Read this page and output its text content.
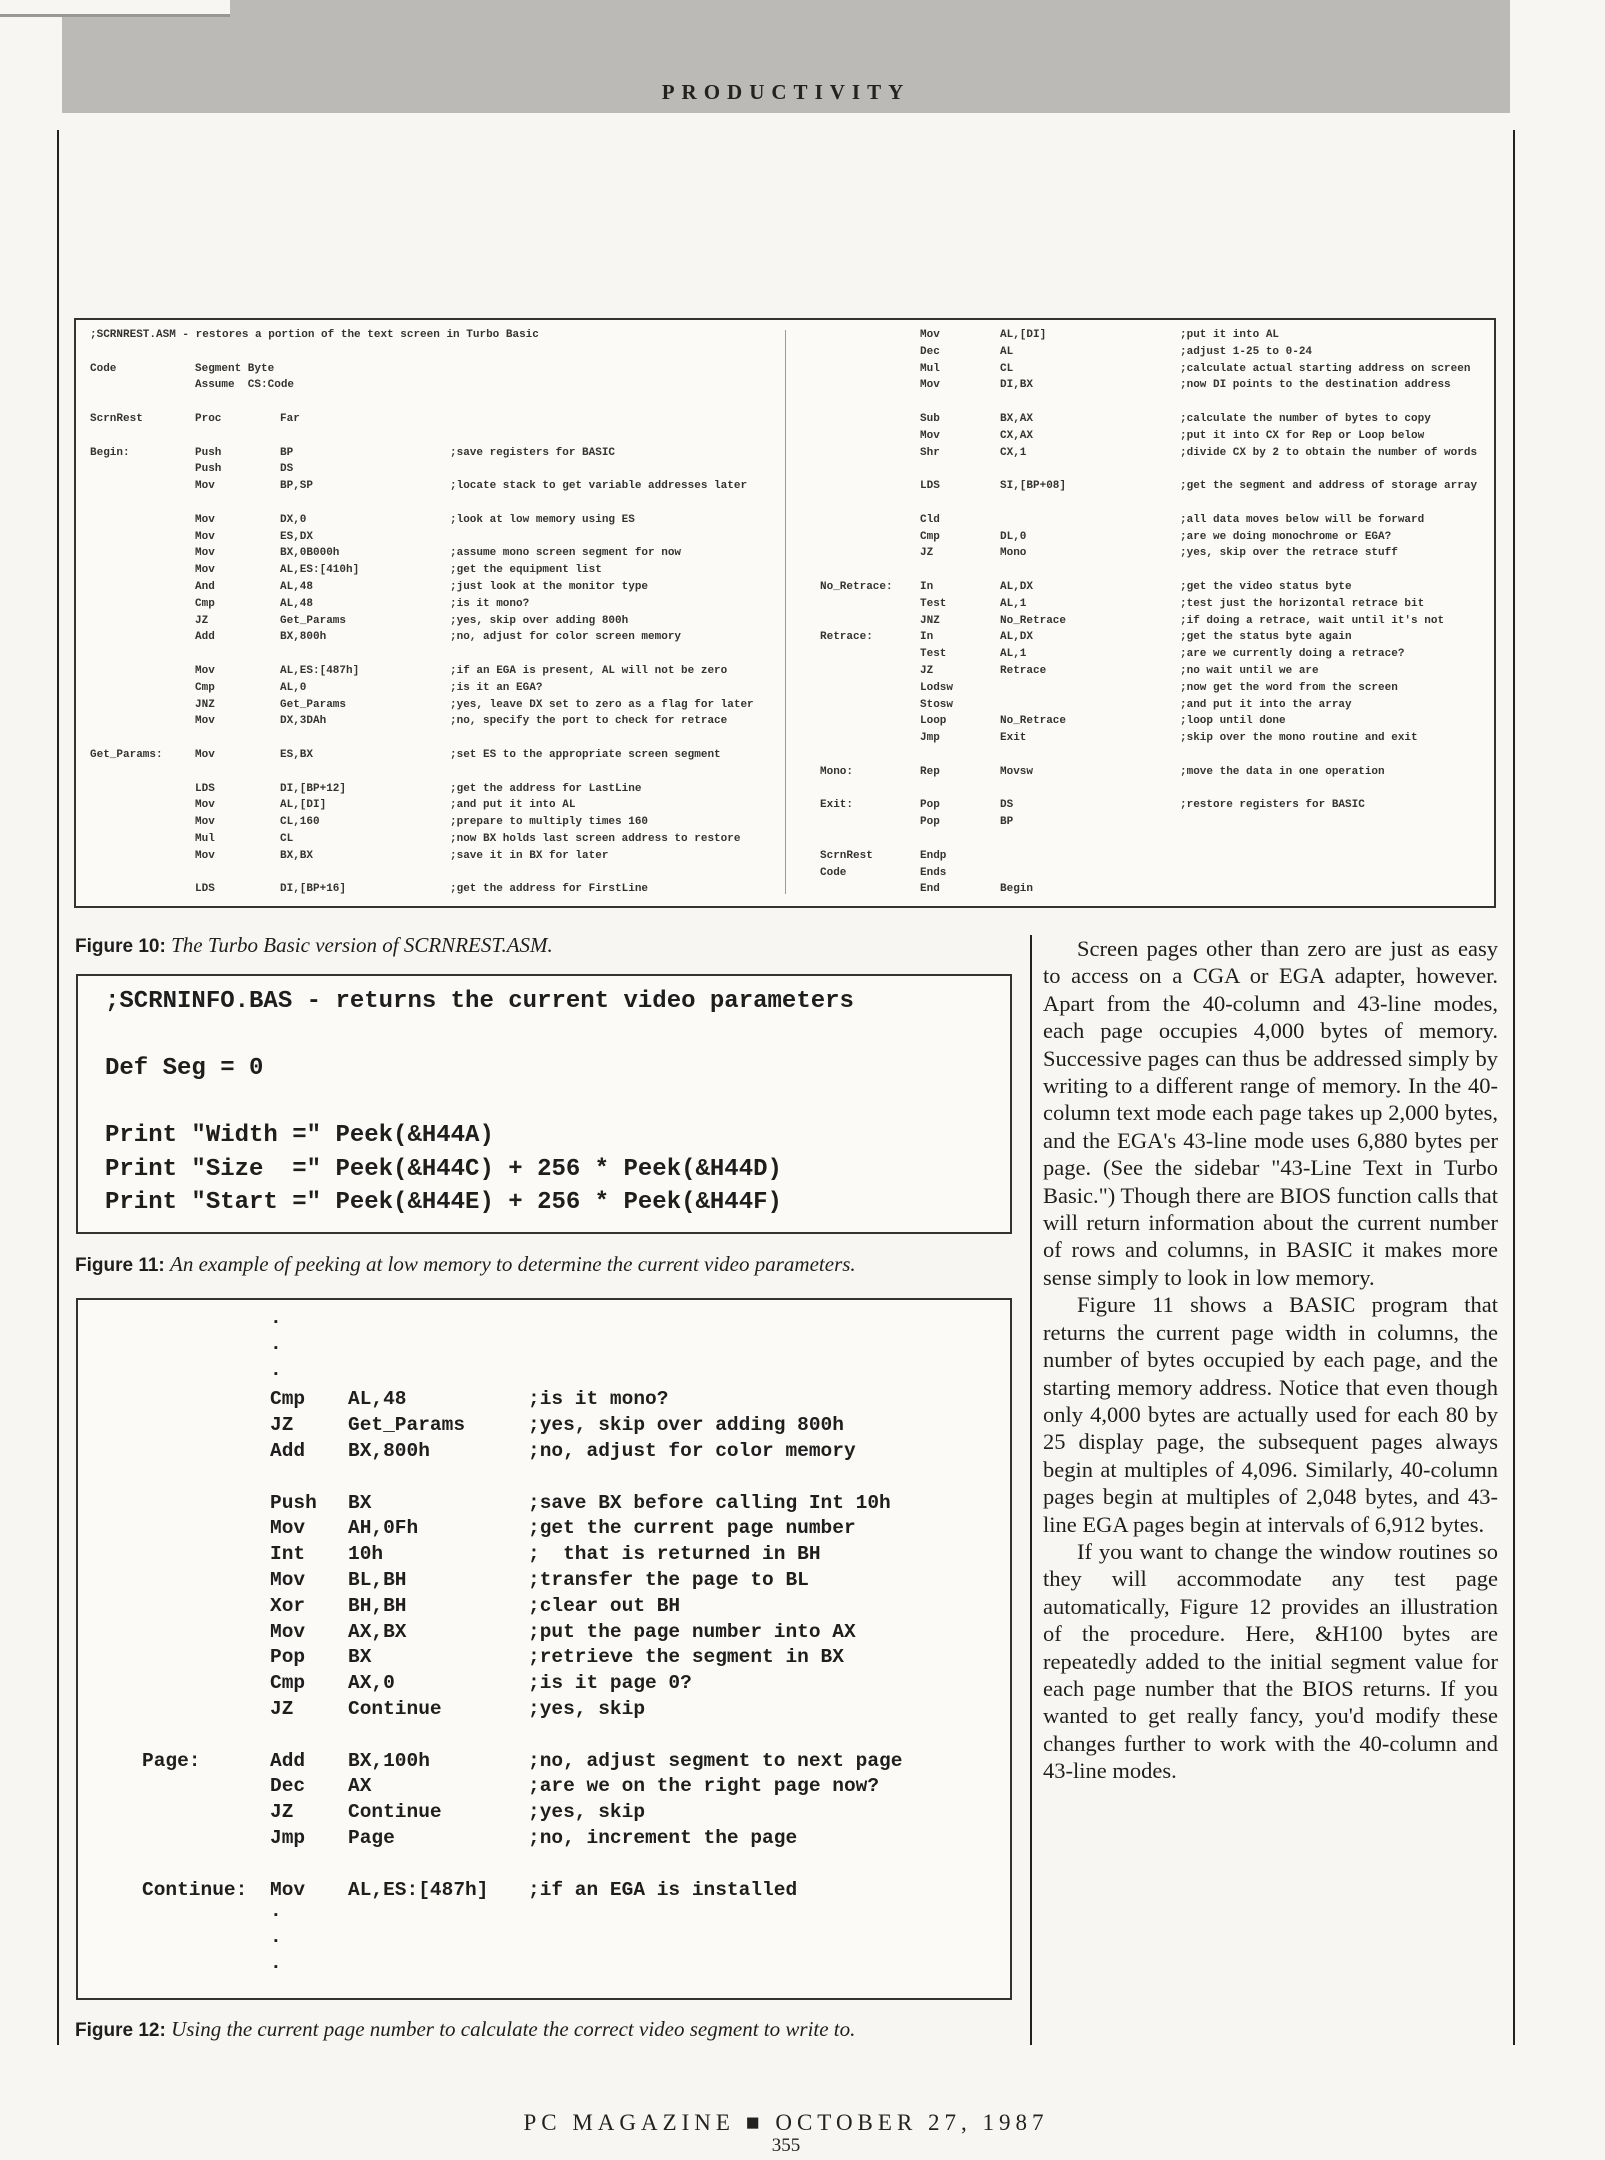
PRODUCTIVITY
;SCRNREST.ASM - restores a portion of the text screen in Turbo Basic
Code	Segment Byte
Assume  CS:Code
ScrnRest	Proc	Far
Begin:	Push	BP	;save registers for BASIC
Push	DS
Mov	BP,SP	;locate stack to get variable addresses later
Mov	DX,0	;look at low memory using ES
Mov	ES,DX
Mov	BX,0B000h	;assume mono screen segment for now
Mov	AL,ES:[410h]	;get the equipment list
And	AL,48	;just look at the monitor type
Cmp	AL,48	;is it mono?
JZ	Get_Params	;yes, skip over adding 800h
Add	BX,800h	;no, adjust for color screen memory
Mov	AL,ES:[487h]	;if an EGA is present, AL will not be zero
Cmp	AL,0	;is it an EGA?
JNZ	Get_Params	;yes, leave DX set to zero as a flag for later
Mov	DX,3DAh	;no, specify the port to check for retrace
Get_Params:	Mov	ES,BX	;set ES to the appropriate screen segment
LDS	DI,[BP+12]	;get the address for LastLine
Mov	AL,[DI]	;and put it into AL
Mov	CL,160	;prepare to multiply times 160
Mul	CL	;now BX holds last screen address to restore
Mov	BX,BX	;save it in BX for later
LDS	DI,[BP+16]	;get the address for FirstLine
Mov	AL,[DI]	;put it into AL
Dec	AL	;adjust 1-25 to 0-24
Mul	CL	;calculate actual starting address on screen
Mov	DI,BX	;now DI points to the destination address
Sub	BX,AX	;calculate the number of bytes to copy
Mov	CX,AX	;put it into CX for Rep or Loop below
Shr	CX,1	;divide CX by 2 to obtain the number of words
LDS	SI,[BP+08]	;get the segment and address of storage array
Cld	;all data moves below will be forward
Cmp	DL,0	;are we doing monochrome or EGA?
JZ	Mono	;yes, skip over the retrace stuff
No_Retrace: In	AL,DX	;get the video status byte
Test	AL,1	;test just the horizontal retrace bit
JNZ	No_Retrace	;if doing a retrace, wait until it's not
Retrace:	In	AL,DX	;get the status byte again
Test	AL,1	;are we currently doing a retrace?
JZ	Retrace	;no wait until we are
Lodsw	;now get the word from the screen
Stosw	;and put it into the array
Loop	No_Retrace	;loop until done
Jmp	Exit	;skip over the mono routine and exit
Mono:	Rep	Movsw	;move the data in one operation
Exit:	Pop	DS	;restore registers for BASIC
Pop	BP
ScrnRest	Endp
Code	Ends
End	Begin
Figure 10: The Turbo Basic version of SCRNREST.ASM.
;SCRNINFO.BAS - returns the current video parameters
Def Seg = 0
Print "Width =" Peek(&H44A)
Print "Size  =" Peek(&H44C) + 256 * Peek(&H44D)
Print "Start =" Peek(&H44E) + 256 * Peek(&H44F)
Figure 11: An example of peeking at low memory to determine the current video parameters.
·
·
·
Cmp AL,48	;is it mono?
JZ	Get_Params	;yes, skip over adding 800h
Add BX,800h	;no, adjust for color memory
Push BX	;save BX before calling Int 10h
Mov AH,0Fh	;get the current page number
Int 10h	;  that is returned in BH
Mov BL,BH	;transfer the page to BL
Xor BH,BH	;clear out BH
Mov AX,BX	;put the page number into AX
Pop BX	;retrieve the segment in BX
Cmp AX,0	;is it page 0?
JZ	Continue	;yes, skip
Page:	Add BX,100h	;no, adjust segment to next page
Dec AX	;are we on the right page now?
JZ	Continue	;yes, skip
Jmp Page	;no, increment the page
Continue: Mov AL,ES:[487h] ;if an EGA is installed
·
·
·
Figure 12: Using the current page number to calculate the correct video segment to write to.

Screen pages other than zero are just as easy to access on a CGA or EGA adapter, however. Apart from the 40-column and 43-line modes, each page occupies 4,000 bytes of memory. Successive pages can thus be addressed simply by writing to a different range of memory. In the 40-column text mode each page takes up 2,000 bytes, and the EGA's 43-line mode uses 6,880 bytes per page. (See the sidebar "43-Line Text in Turbo Basic.") Though there are BIOS function calls that will return information about the current number of rows and columns, in BASIC it makes more sense simply to look in low memory.

Figure 11 shows a BASIC program that returns the current page width in columns, the number of bytes occupied by each page, and the starting memory address. Notice that even though only 4,000 bytes are actually used for each 80 by 25 display page, the subsequent pages always begin at multiples of 4,096. Similarly, 40-column pages begin at multiples of 2,048 bytes, and 43-line EGA pages begin at intervals of 6,912 bytes.

If you want to change the window routines so they will accommodate any test page automatically, Figure 12 provides an illustration of the procedure. Here, &H100 bytes are repeatedly added to the initial segment value for each page number that the BIOS returns. If you wanted to get really fancy, you'd modify these changes further to work with the 40-column and 43-line modes.

PC MAGAZINE ■ OCTOBER 27, 1987
355
